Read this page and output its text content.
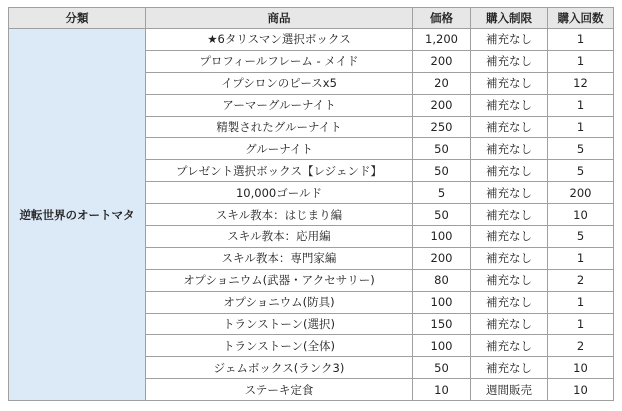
分類	商品	価格	購入制限	購入回数
逆転世界のオートマタ	★6タリスマン選択ボックス	1,200	補充なし	1
	プロフィールフレーム - メイド	200	補充なし	1
	イプシロンのピースx5	20	補充なし	12
	アーマーグルーナイト	200	補充なし	1
	精製されたグルーナイト	250	補充なし	1
	グルーナイト	50	補充なし	5
	プレゼント選択ボックス【レジェンド】	50	補充なし	5
	10,000ゴールド	5	補充なし	200
	スキル教本：はじまり編	50	補充なし	10
	スキル教本：応用編	100	補充なし	5
	スキル教本：専門家編	200	補充なし	1
	オプショニウム(武器・アクセサリー)	80	補充なし	2
	オプショニウム(防具)	100	補充なし	1
	トランストーン(選択)	150	補充なし	1
	トランストーン(全体)	100	補充なし	2
	ジェムボックス(ランク3)	50	補充なし	10
	ステーキ定食	10	週間販売	10
